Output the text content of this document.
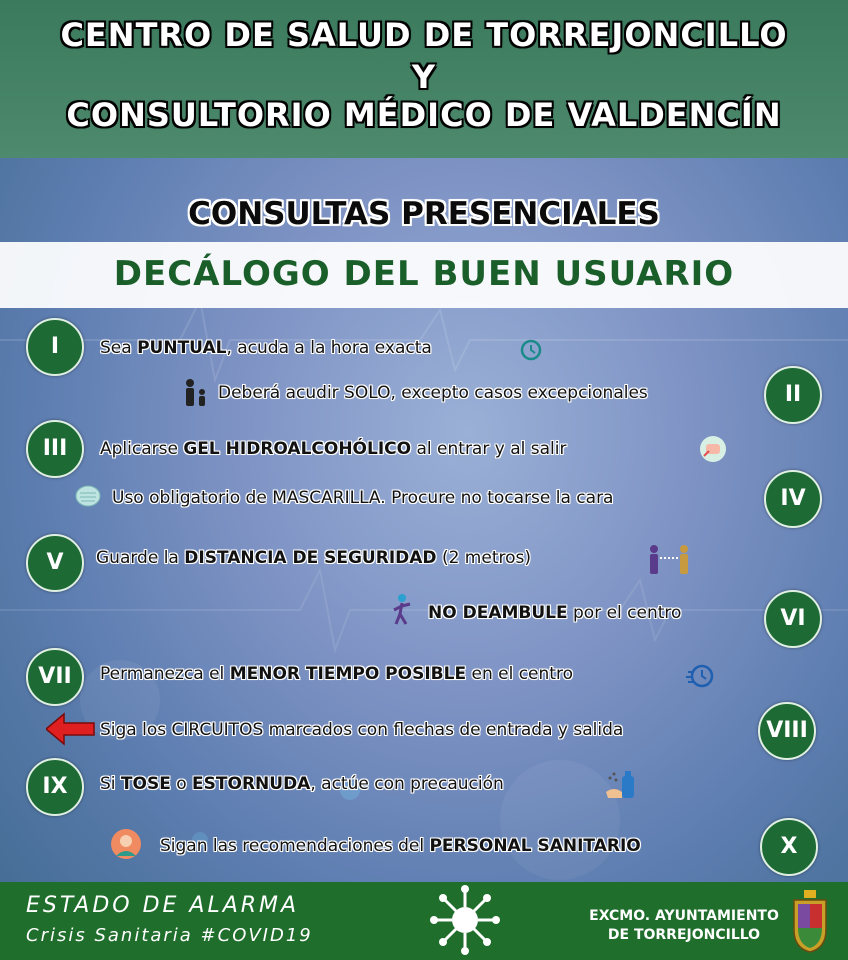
CENTRO DE SALUD DE TORREJONCILLO
Y
CONSULTORIO MÉDICO DE VALDENCÍN
CONSULTAS PRESENCIALES
DECÁLOGO DEL BUEN USUARIO
I	Sea PUNTUAL, acuda a la hora exacta
Deberá acudir SOLO, excepto casos excepcionales	II
III	Aplicarse GEL HIDROALCOHÓLICO al entrar y al salir
Uso obligatorio de MASCARILLA. Procure no tocarse la cara	IV
V	Guarde la DISTANCIA DE SEGURIDAD (2 metros)
NO DEAMBULE por el centro	VI
VII	Permanezca el MENOR TIEMPO POSIBLE en el centro
Siga los CIRCUITOS marcados con flechas de entrada y salida	VIII
IX	Si TOSE o ESTORNUDA, actúe con precaución
Sigan las recomendaciones del PERSONAL SANITARIO	X
ESTADO DE ALARMA
Crisis Sanitaria #COVID19
EXCMO. AYUNTAMIENTO
DE TORREJONCILLO
